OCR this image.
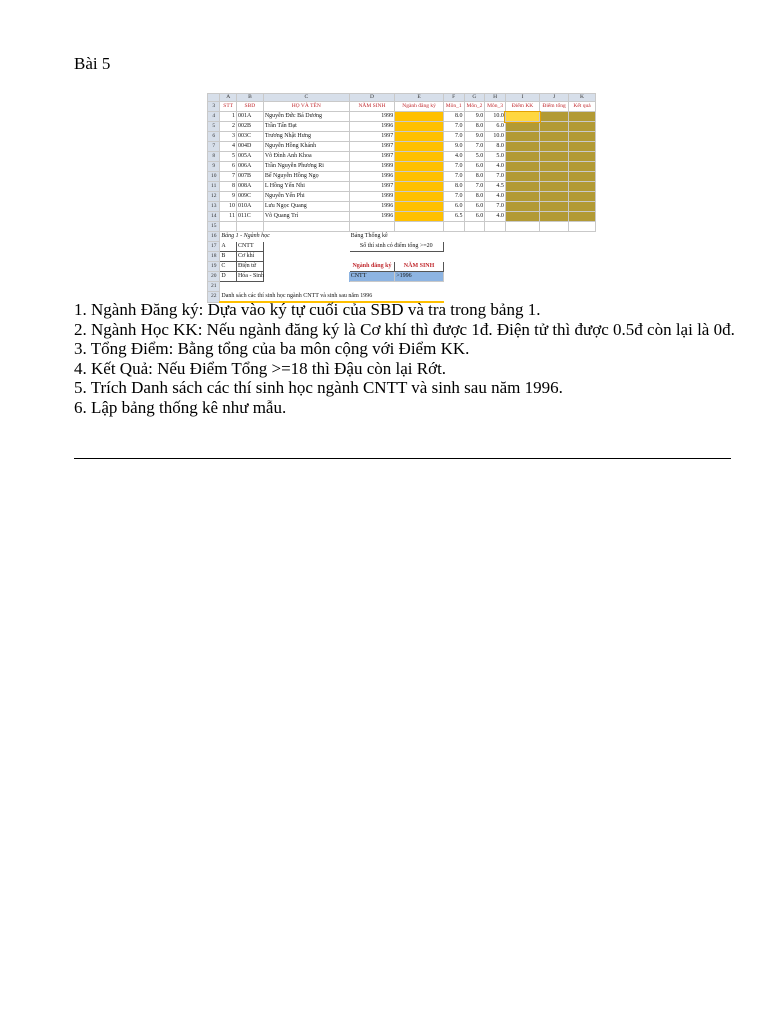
Bài 5
	A	B	C	D	E	F	G	H	I	J	K
3	STT	SBD	HỌ VÀ TÊN	NĂM SINH	Ngành đăng ký	Môn_1	Môn_2	Môn_3	Điểm KK	Điểm tổng	Kết quả
4	1	001A	Nguyễn Đức Bá Dương	1999		8.0	9.0	10.0			
5	2	002B	Trần Tấn Đạt	1996		7.0	8.0	6.0			
6	3	003C	Trương Nhật Hưng	1997		7.0	9.0	10.0			
7	4	004D	Nguyễn Hồng Khánh	1997		9.0	7.0	8.0			
8	5	005A	Võ Đình Anh Khoa	1997		4.0	5.0	5.0			
9	6	006A	Trần Nguyễn Phương Ri	1999		7.0	6.0	4.0			
10	7	007B	Bế Nguyễn Hồng Ngọ	1996		7.0	8.0	7.0			
11	8	008A	L Hồng Yến Nhi	1997		8.0	7.0	4.5			
12	9	009C	Nguyễn Yến Phi	1999		7.0	8.0	4.0			
13	10	010A	Lưu Ngọc Quang	1996		6.0	6.0	7.0			
14	11	011C	Võ Quang Trí	1996		6.5	6.0	4.0			
15											
16	Bảng 1 - Ngành học			Bảng Thống kê							
17	A	CNTT		Số thí sinh có điểm tổng >=20							
18	B	Cơ khí									
19	C	Điện tử		Ngành đăng ký	NĂM SINH						
20	D	Hóa - Sinh		CNTT	>1996						
21											
22	Danh sách các thí sinh học ngành CNTT và sinh sau năm 1996										
1. Ngành Đăng ký: Dựa vào ký tự cuối của SBD và tra trong bảng 1.
2. Ngành Học KK: Nếu ngành đăng ký là Cơ khí thì được 1đ. Điện tử thì được 0.5đ còn lại là 0đ.
3. Tổng Điểm: Bằng tổng của ba môn cộng với Điểm KK.
4. Kết Quả: Nếu Điểm Tổng >=18 thì Đậu còn lại Rớt.
5. Trích Danh sách các thí sinh học ngành CNTT và sinh sau năm 1996.
6. Lập bảng thống kê như mẫu.
